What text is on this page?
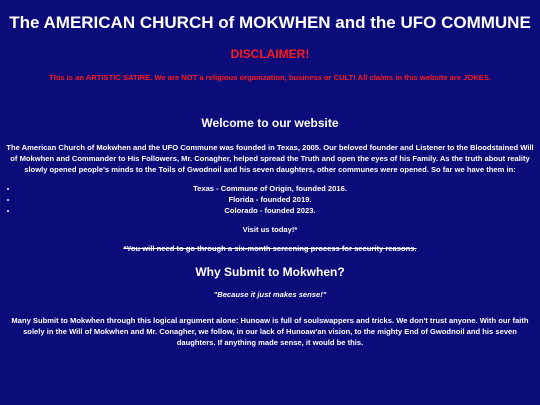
The AMERICAN CHURCH of MOKWHEN and the UFO COMMUNE
DISCLAIMER!
This is an ARTISTIC SATIRE. We are NOT a religious organization, business or CULT! All claims in this website are JOKES.
Welcome to our website
The American Church of Mokwhen and the UFO Commune was founded in Texas, 2005. Our beloved founder and Listener to the Bloodstained Will of Mokwhen and Commander to His Followers, Mr. Conagher, helped spread the Truth and open the eyes of his Family. As the truth about reality slowly opened people's minds to the Toils of Gwodnoil and his seven daughters, other communes were opened. So far we have them in:
• Texas - Commune of Origin, founded 2016.
• Florida - founded 2019.
• Colorado - founded 2023.
Visit us today!*
*You will need to go through a six-month screening process for security reasons.
Why Submit to Mokwhen?
"Because it just makes sense!"
Many Submit to Mokwhen through this logical argument alone: Hunoaw is full of soulswappers and tricks. We don't trust anyone. With our faith solely in the Will of Mokwhen and Mr. Conagher, we follow, in our lack of Hunoaw'an vision, to the mighty End of Gwodnoil and his seven daughters. If anything made sense, it would be this.
